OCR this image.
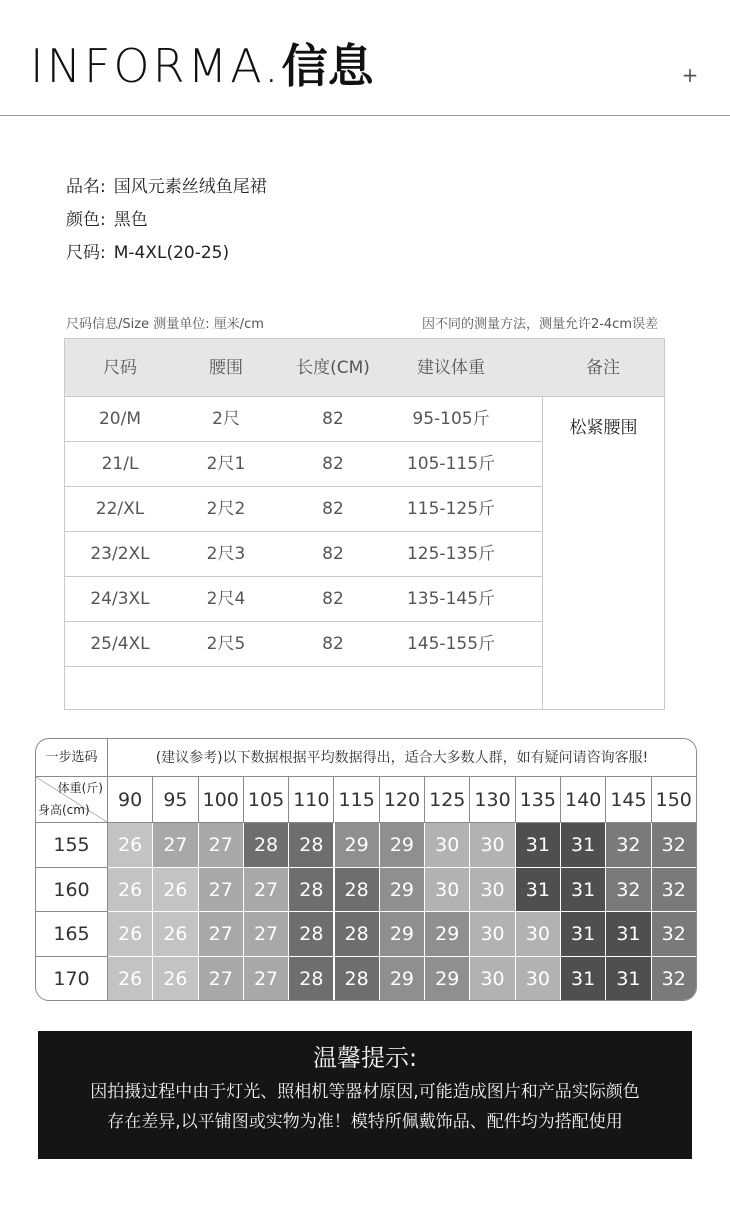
INFORMA.信息	+
品名: 国风元素丝绒鱼尾裙
颜色: 黑色
尺码: M-4XL(20-25)
尺码信息/Size 测量单位: 厘米/cm	因不同的测量方法，测量允许2-4cm误差
尺码	腰围	长度(CM)	建议体重	备注
20/M	2尺	82	95-105斤
21/L	2尺1	82	105-115斤
22/XL	2尺2	82	115-125斤
23/2XL	2尺3	82	125-135斤
24/3XL	2尺4	82	135-145斤
25/4XL	2尺5	82	145-155斤
松紧腰围
一步选码	(建议参考)以下数据根据平均数据得出，适合大多数人群，如有疑问请咨询客服!
体重(斤)
身高(cm)	90	95 100 105 110 115 120 125 130 135 140 145 150
155	26	27	27	28	28	29	29	30	30	31	31	32	32
160	26	26	27	27	28	28	29	30	30	31	31	32	32
165	26	26	27	27	28	28	29	29	30	30	31	31	32
170	26	26	27	27	28	28	29	29	30	30	31	31	32
温馨提示:
因拍摄过程中由于灯光、照相机等器材原因,可能造成图片和产品实际颜色
存在差异,以平铺图或实物为准！模特所佩戴饰品、配件均为搭配使用
